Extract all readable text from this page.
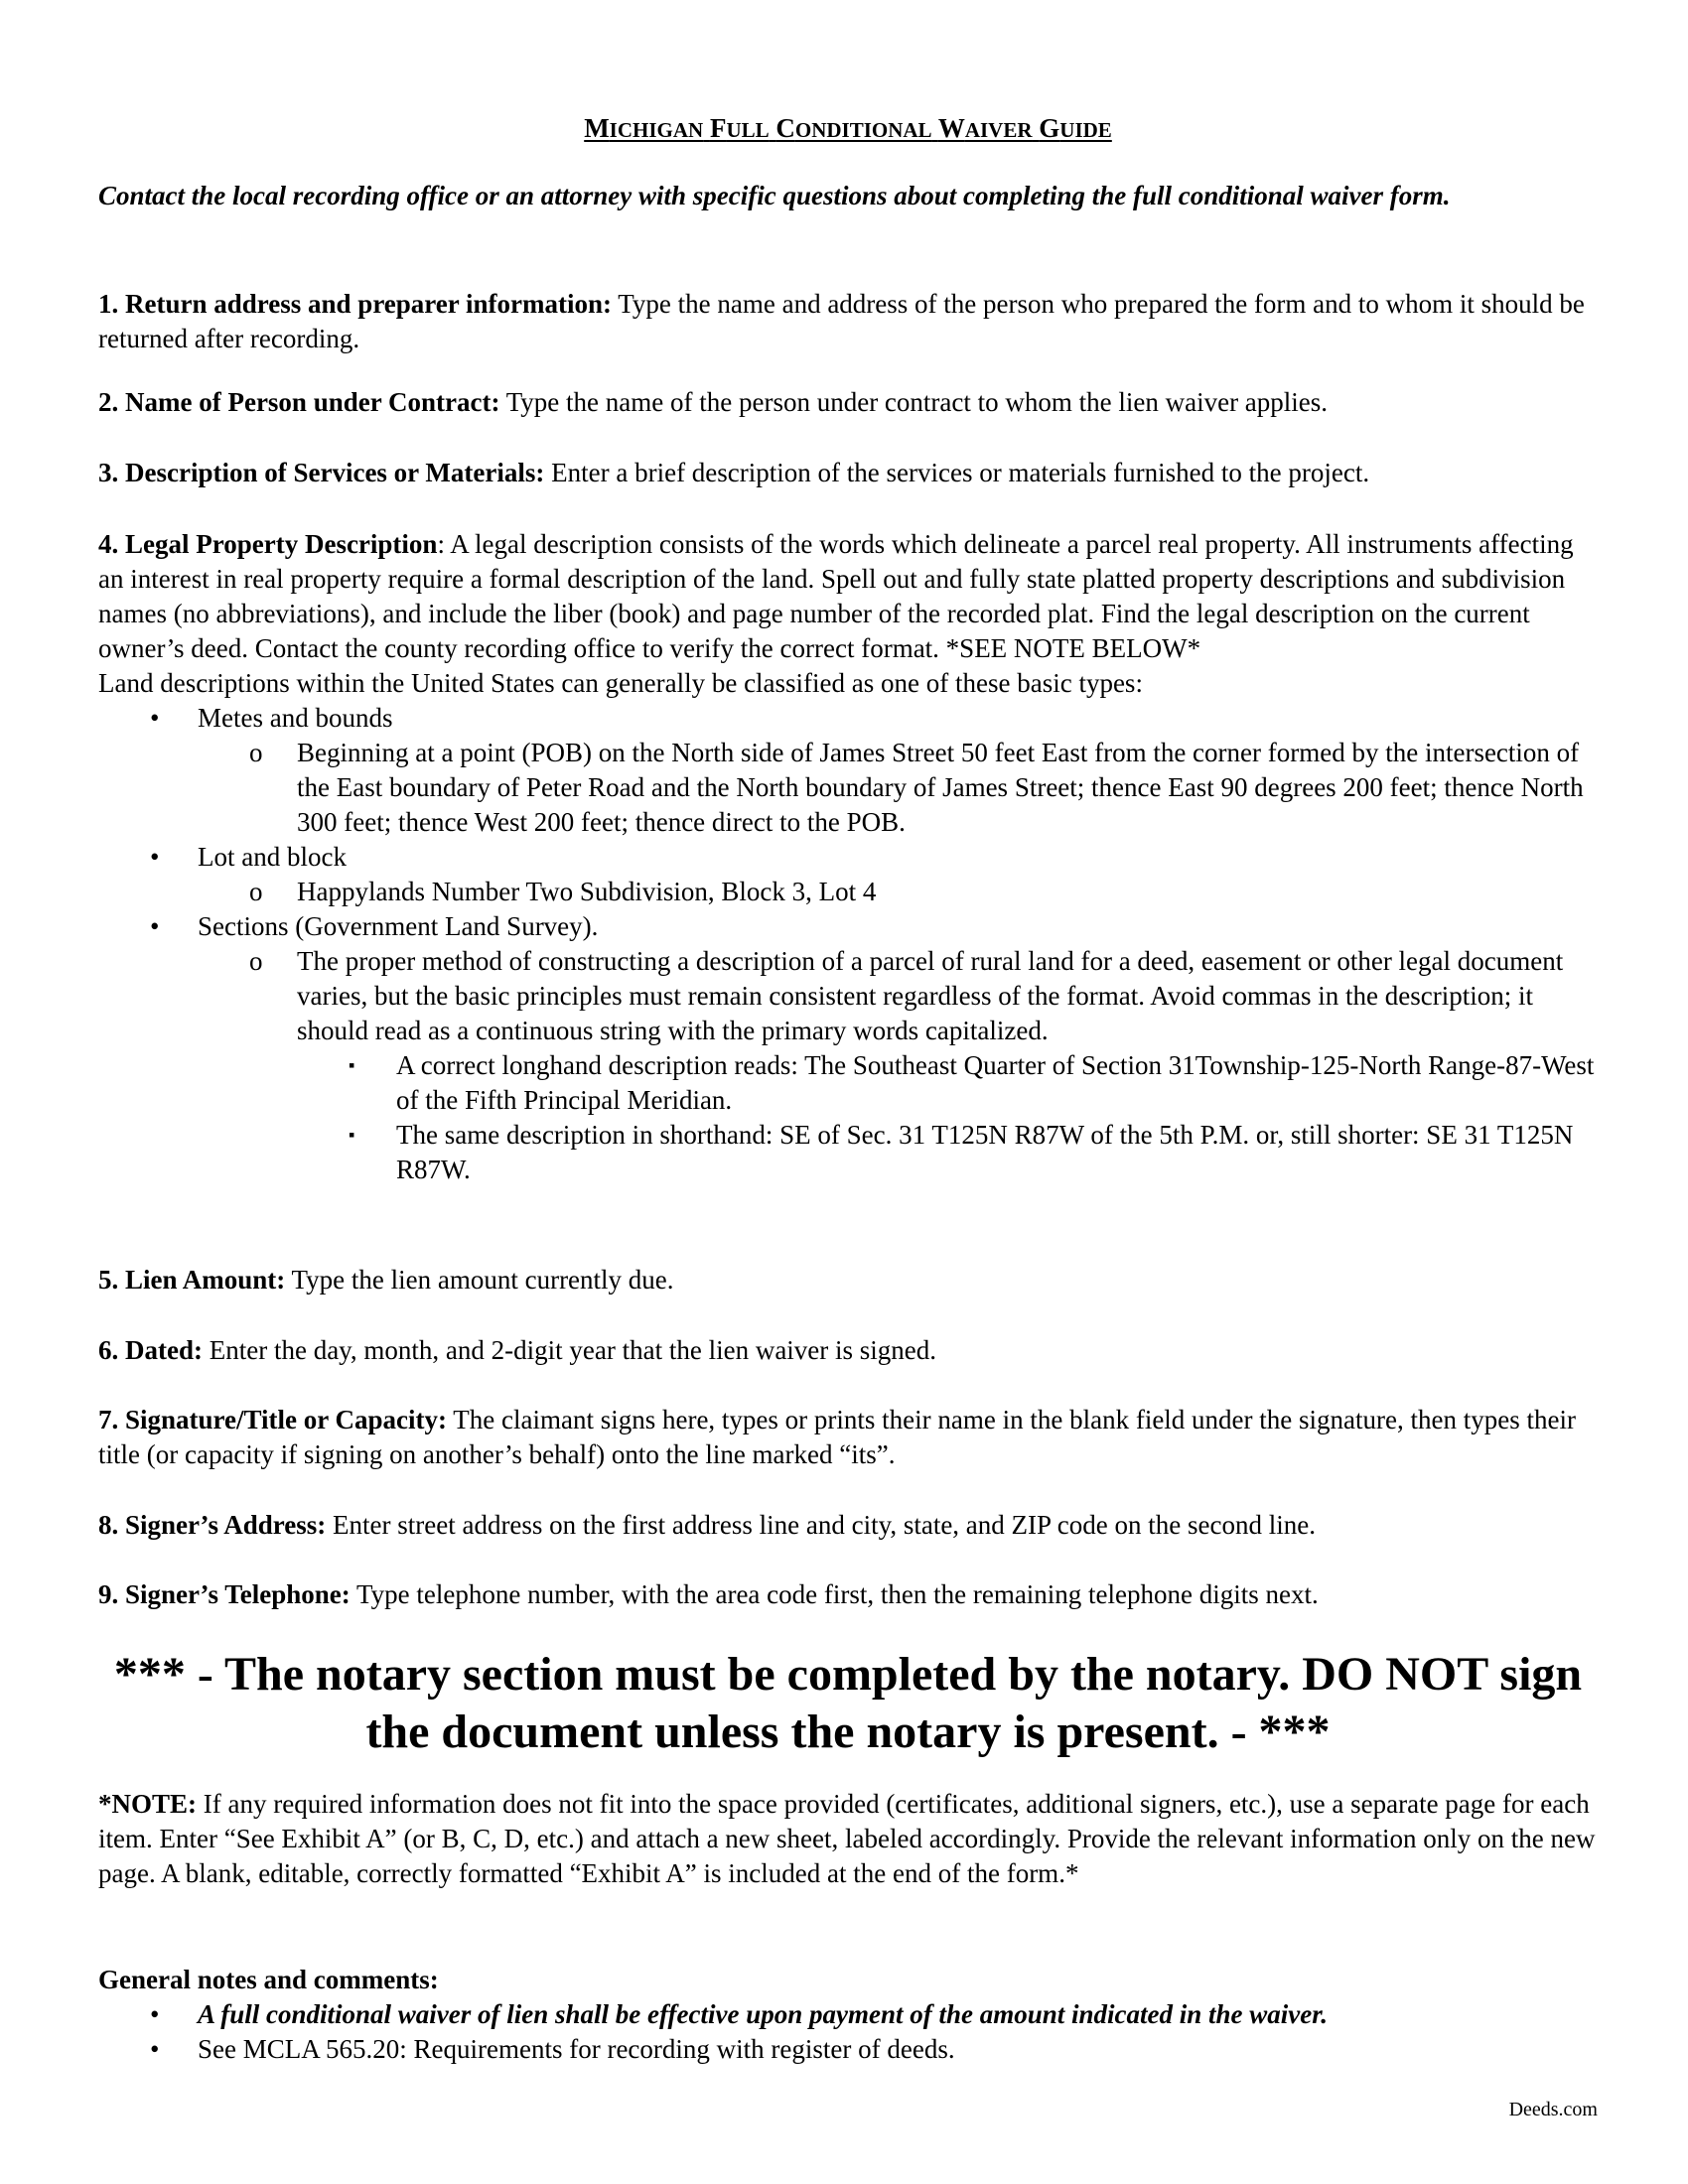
MICHIGAN FULL CONDITIONAL WAIVER GUIDE

Contact the local recording office or an attorney with specific questions about completing the full conditional waiver form.

1. Return address and preparer information: Type the name and address of the person who prepared the form and to whom it should be returned after recording.

2. Name of Person under Contract: Type the name of the person under contract to whom the lien waiver applies.

3. Description of Services or Materials: Enter a brief description of the services or materials furnished to the project.

4. Legal Property Description: A legal description consists of the words which delineate a parcel real property. All instruments affecting an interest in real property require a formal description of the land. Spell out and fully state platted property descriptions and subdivision names (no abbreviations), and include the liber (book) and page number of the recorded plat. Find the legal description on the current owner’s deed. Contact the county recording office to verify the correct format. *SEE NOTE BELOW*

Land descriptions within the United States can generally be classified as one of these basic types:

• Metes and bounds
o Beginning at a point (POB) on the North side of James Street 50 feet East from the corner formed by the intersection of the East boundary of Peter Road and the North boundary of James Street; thence East 90 degrees 200 feet; thence North 300 feet; thence West 200 feet; thence direct to the POB.
• Lot and block
o Happylands Number Two Subdivision, Block 3, Lot 4
• Sections (Government Land Survey).
o The proper method of constructing a description of a parcel of rural land for a deed, easement or other legal document varies, but the basic principles must remain consistent regardless of the format. Avoid commas in the description; it should read as a continuous string with the primary words capitalized.
▪ A correct longhand description reads: The Southeast Quarter of Section 31Township-125-North Range-87-West of the Fifth Principal Meridian.
▪ The same description in shorthand: SE of Sec. 31 T125N R87W of the 5th P.M. or, still shorter: SE 31 T125N R87W.

5. Lien Amount: Type the lien amount currently due.

6. Dated: Enter the day, month, and 2-digit year that the lien waiver is signed.

7. Signature/Title or Capacity: The claimant signs here, types or prints their name in the blank field under the signature, then types their title (or capacity if signing on another’s behalf) onto the line marked “its”.

8. Signer’s Address: Enter street address on the first address line and city, state, and ZIP code on the second line.

9. Signer’s Telephone: Type telephone number, with the area code first, then the remaining telephone digits next.

*** - The notary section must be completed by the notary. DO NOT sign the document unless the notary is present. - ***

*NOTE: If any required information does not fit into the space provided (certificates, additional signers, etc.), use a separate page for each item. Enter “See Exhibit A” (or B, C, D, etc.) and attach a new sheet, labeled accordingly. Provide the relevant information only on the new page. A blank, editable, correctly formatted “Exhibit A” is included at the end of the form.*

General notes and comments:

• A full conditional waiver of lien shall be effective upon payment of the amount indicated in the waiver.
• See MCLA 565.20: Requirements for recording with register of deeds.
Deeds.com
